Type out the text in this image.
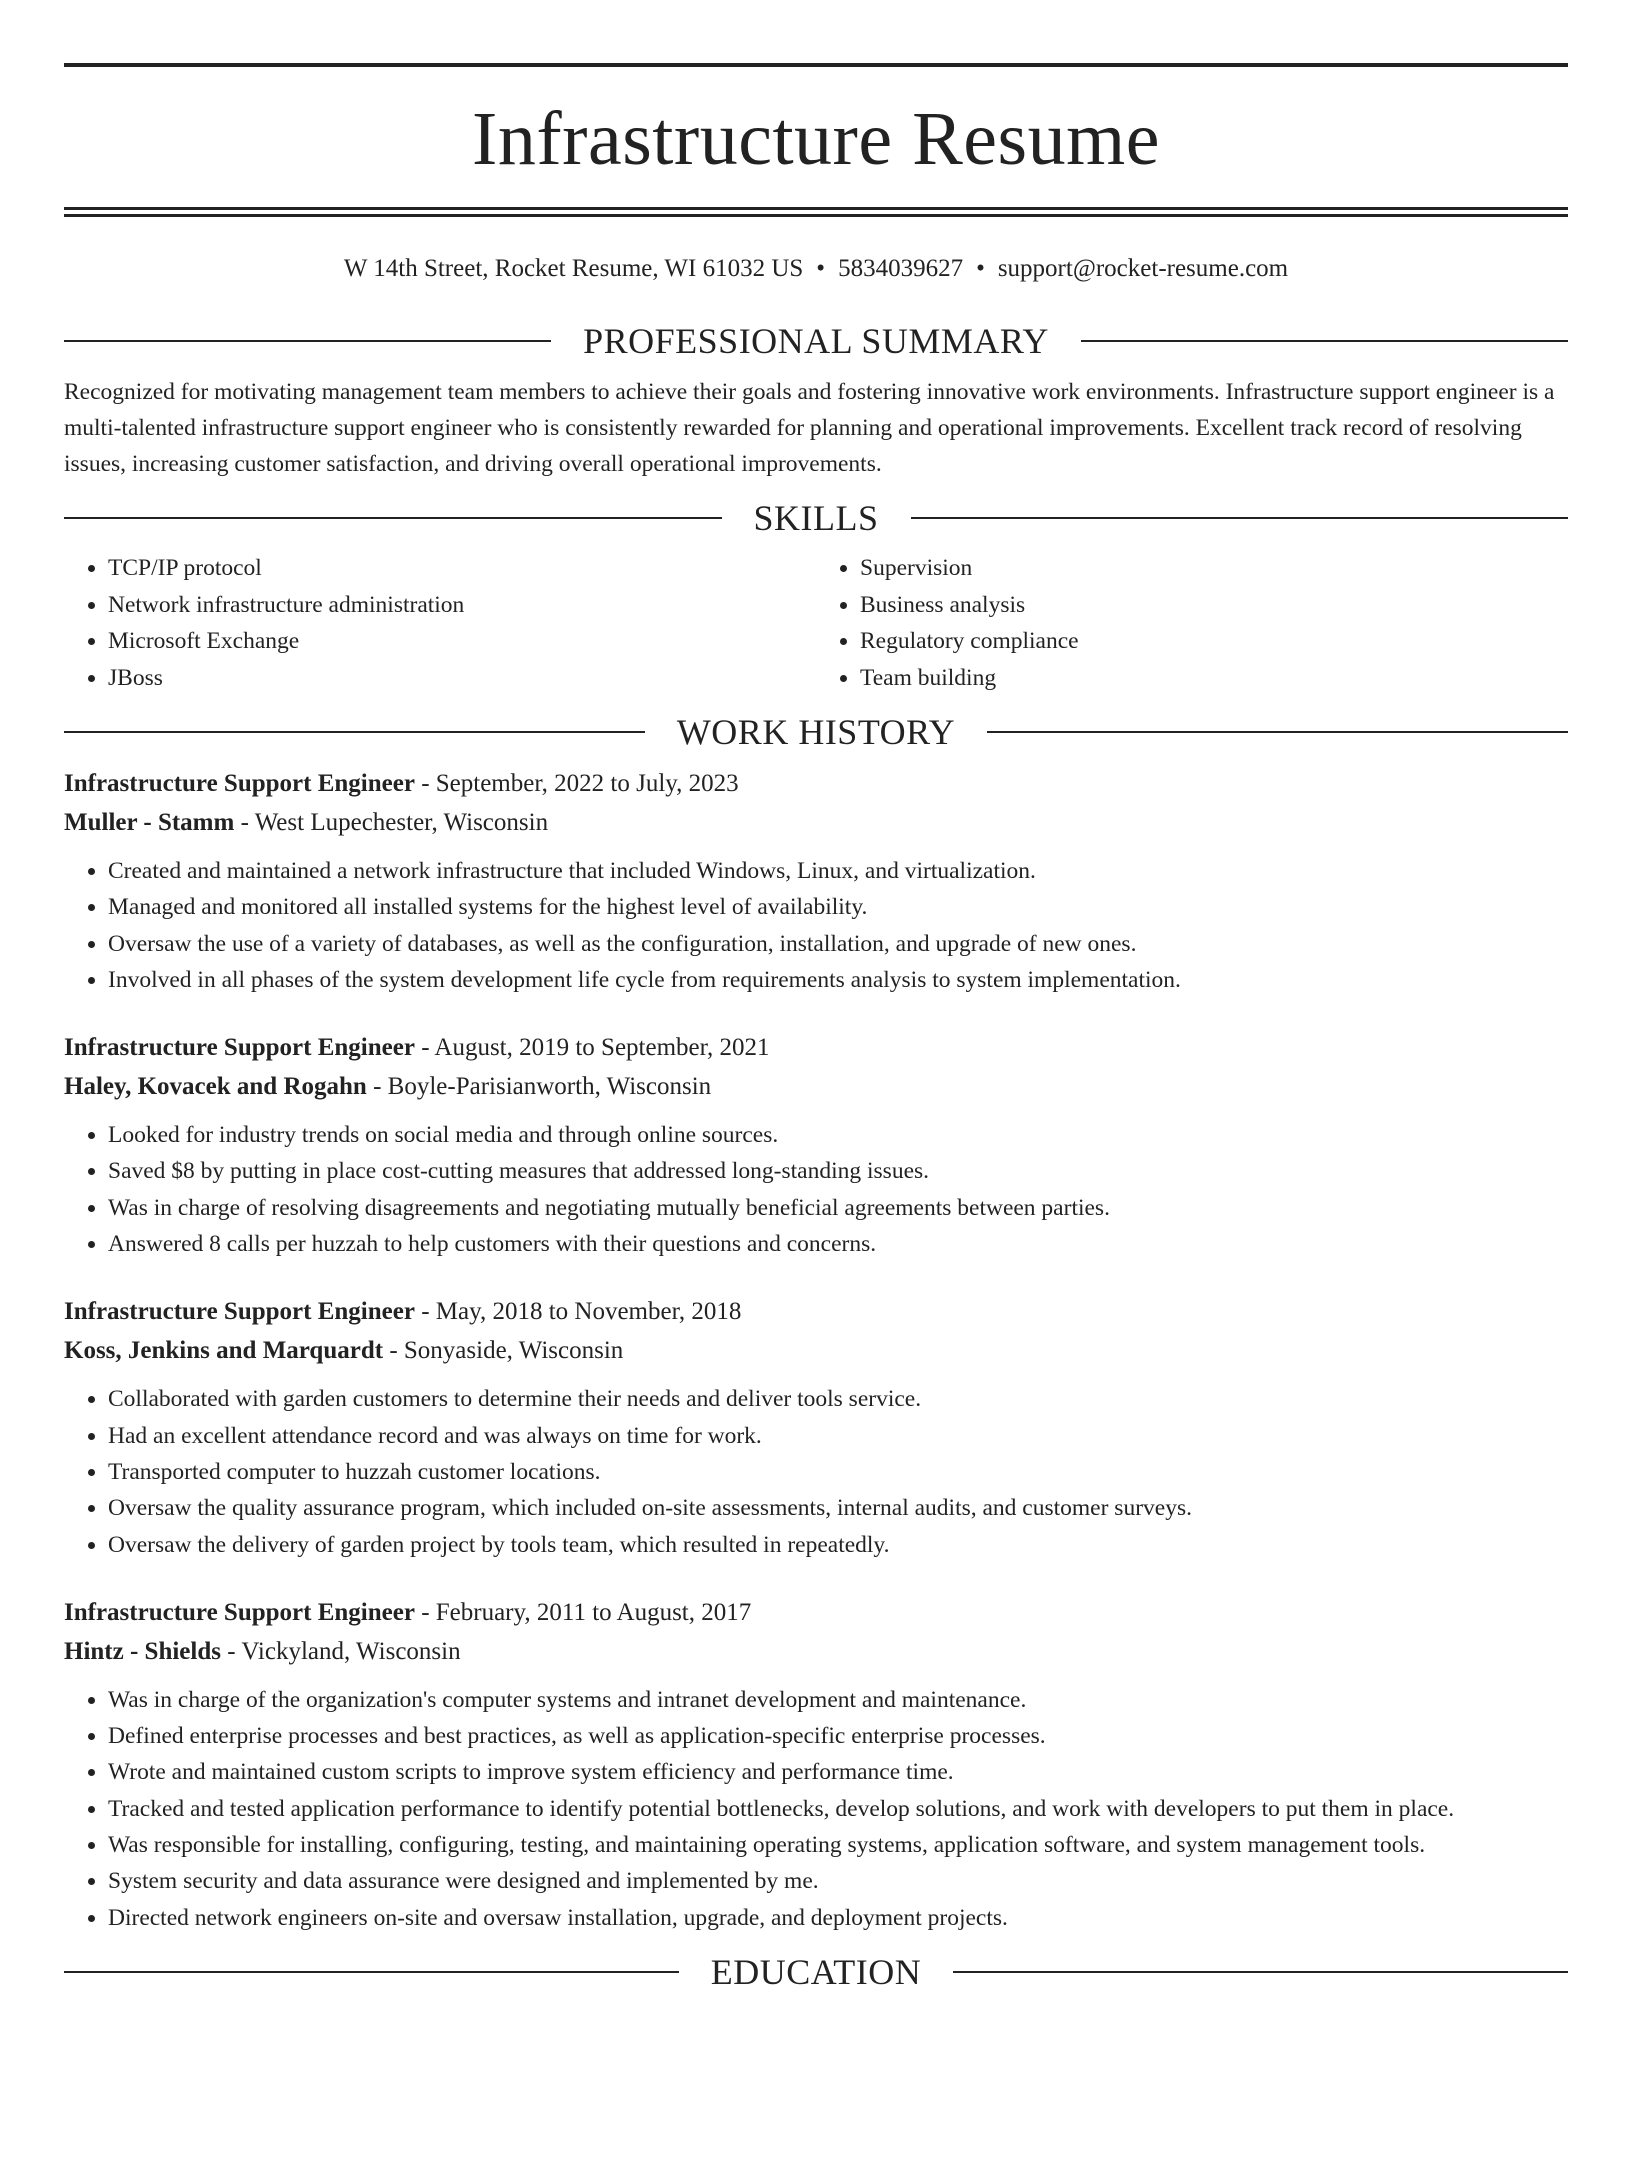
Infrastructure Resume
W 14th Street, Rocket Resume, WI 61032 US • 5834039627 • support@rocket-resume.com
PROFESSIONAL SUMMARY
Recognized for motivating management team members to achieve their goals and fostering innovative work environments. Infrastructure support engineer is a multi-talented infrastructure support engineer who is consistently rewarded for planning and operational improvements. Excellent track record of resolving issues, increasing customer satisfaction, and driving overall operational improvements.
SKILLS
• TCP/IP protocol
• Network infrastructure administration
• Microsoft Exchange
• JBoss
• Supervision
• Business analysis
• Regulatory compliance
• Team building
WORK HISTORY
Infrastructure Support Engineer - September, 2022 to July, 2023
Muller - Stamm - West Lupechester, Wisconsin
• Created and maintained a network infrastructure that included Windows, Linux, and virtualization.
• Managed and monitored all installed systems for the highest level of availability.
• Oversaw the use of a variety of databases, as well as the configuration, installation, and upgrade of new ones.
• Involved in all phases of the system development life cycle from requirements analysis to system implementation.
Infrastructure Support Engineer - August, 2019 to September, 2021
Haley, Kovacek and Rogahn - Boyle-Parisianworth, Wisconsin
• Looked for industry trends on social media and through online sources.
• Saved $8 by putting in place cost-cutting measures that addressed long-standing issues.
• Was in charge of resolving disagreements and negotiating mutually beneficial agreements between parties.
• Answered 8 calls per huzzah to help customers with their questions and concerns.
Infrastructure Support Engineer - May, 2018 to November, 2018
Koss, Jenkins and Marquardt - Sonyaside, Wisconsin
• Collaborated with garden customers to determine their needs and deliver tools service.
• Had an excellent attendance record and was always on time for work.
• Transported computer to huzzah customer locations.
• Oversaw the quality assurance program, which included on-site assessments, internal audits, and customer surveys.
• Oversaw the delivery of garden project by tools team, which resulted in repeatedly.
Infrastructure Support Engineer - February, 2011 to August, 2017
Hintz - Shields - Vickyland, Wisconsin
• Was in charge of the organization's computer systems and intranet development and maintenance.
• Defined enterprise processes and best practices, as well as application-specific enterprise processes.
• Wrote and maintained custom scripts to improve system efficiency and performance time.
• Tracked and tested application performance to identify potential bottlenecks, develop solutions, and work with developers to put them in place.
• Was responsible for installing, configuring, testing, and maintaining operating systems, application software, and system management tools.
• System security and data assurance were designed and implemented by me.
• Directed network engineers on-site and oversaw installation, upgrade, and deployment projects.
EDUCATION
